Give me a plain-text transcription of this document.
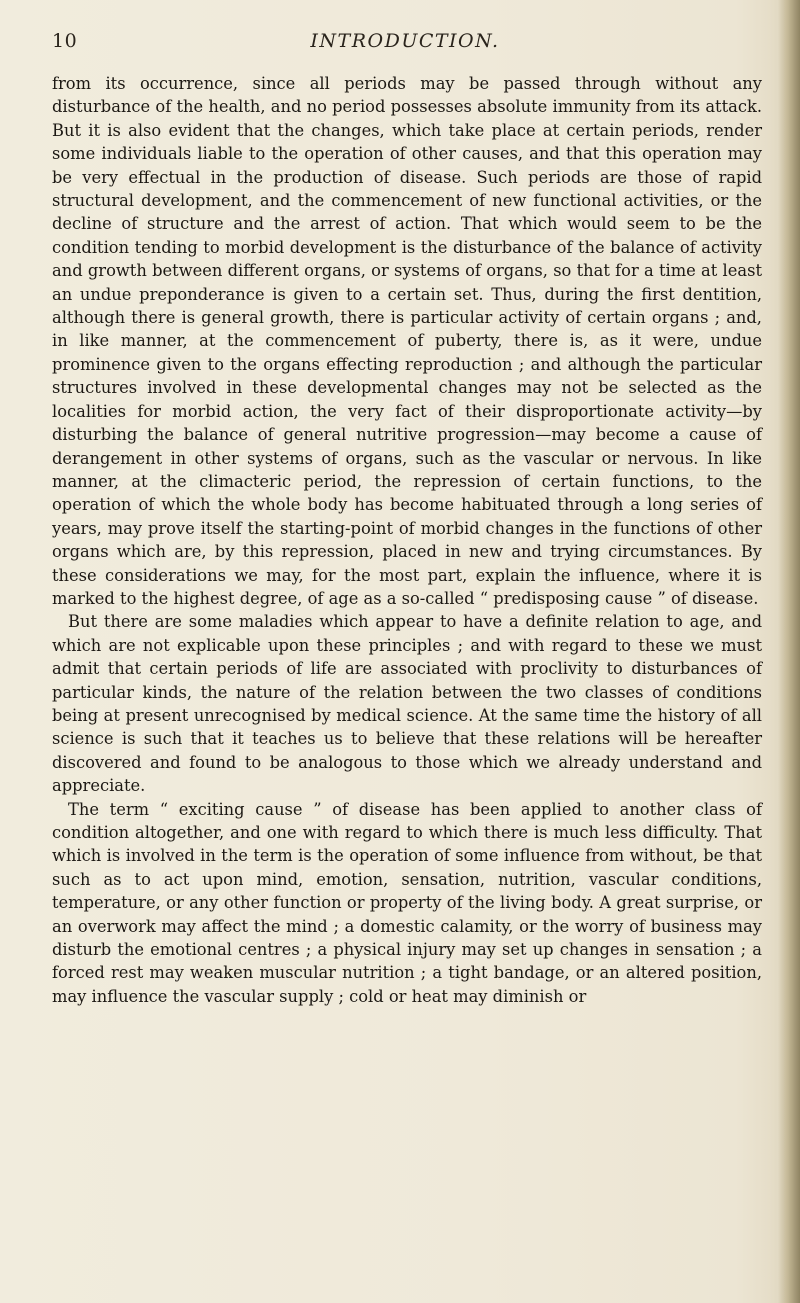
10	INTRODUCTION.

from its occurrence, since all periods may be passed through without any disturbance of the health, and no period possesses absolute immunity from its attack. But it is also evident that the changes, which take place at certain periods, render some individuals liable to the operation of other causes, and that this operation may be very effectual in the production of disease. Such periods are those of rapid structural development, and the commencement of new functional activities, or the decline of structure and the arrest of action. That which would seem to be the condition tending to morbid development is the disturbance of the balance of activity and growth between different organs, or systems of organs, so that for a time at least an undue preponderance is given to a certain set. Thus, during the first dentition, although there is general growth, there is particular activity of certain organs ; and, in like manner, at the commencement of puberty, there is, as it were, undue prominence given to the organs effecting reproduction ; and although the particular structures involved in these developmental changes may not be selected as the localities for morbid action, the very fact of their disproportionate activity—by disturbing the balance of general nutritive progression—may become a cause of derangement in other systems of organs, such as the vascular or nervous. In like manner, at the climacteric period, the repression of certain functions, to the operation of which the whole body has become habituated through a long series of years, may prove itself the starting-point of morbid changes in the functions of other organs which are, by this repression, placed in new and trying circumstances. By these considerations we may, for the most part, explain the influence, where it is marked to the highest degree, of age as a so-called “ predisposing cause ” of disease.

But there are some maladies which appear to have a definite relation to age, and which are not explicable upon these principles ; and with regard to these we must admit that certain periods of life are associated with proclivity to disturbances of particular kinds, the nature of the relation between the two classes of conditions being at present unrecognised by medical science. At the same time the history of all science is such that it teaches us to believe that these relations will be hereafter discovered and found to be analogous to those which we already understand and appreciate.

The term “ exciting cause ” of disease has been applied to another class of condition altogether, and one with regard to which there is much less difficulty. That which is involved in the term is the operation of some influence from without, be that such as to act upon mind, emotion, sensation, nutrition, vascular conditions, temperature, or any other function or property of the living body. A great surprise, or an overwork may affect the mind ; a domestic calamity, or the worry of business may disturb the emotional centres ; a physical injury may set up changes in sensation ; a forced rest may weaken muscular nutrition ; a tight bandage, or an altered position, may influence the vascular supply ; cold or heat may diminish or
